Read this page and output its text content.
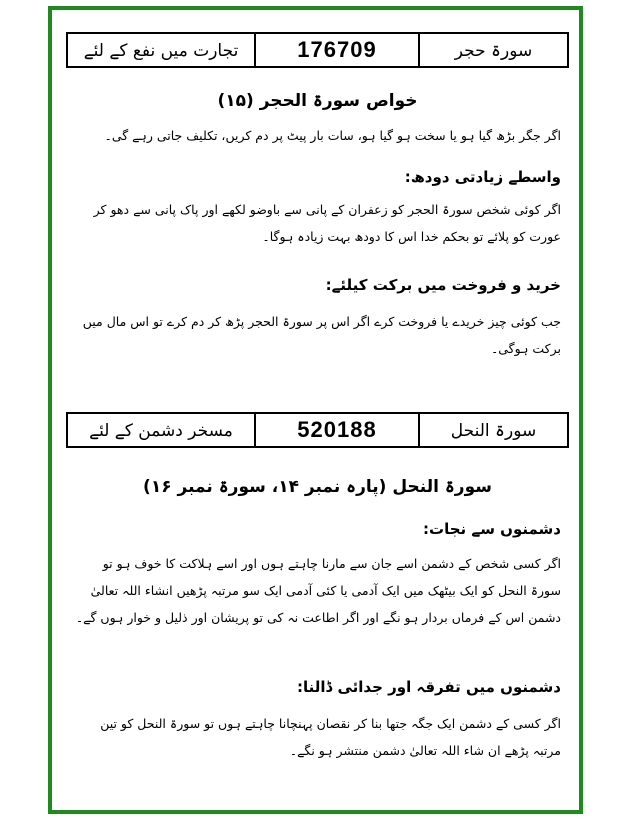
تجارت میں نفع کے لئے	176709	سورۃ حجر
خواص سورۃ الحجر (۱۵)
اگر جگر بڑھ گیا ہو یا سخت ہو گیا ہو، سات بار پیٹ پر دم کریں، تکلیف جاتی رہے گی۔
واسطے زیادتی دودھ:
اگر کوئی شخص سورۃ الحجر کو زعفران کے پانی سے باوضو لکھے اور پاک پانی سے دھو کر عورت کو پلائے تو بحکم خدا اس کا دودھ بہت زیادہ ہوگا۔
خرید و فروخت میں برکت کیلئے:
جب کوئی چیز خریدے یا فروخت کرے اگر اس پر سورۃ الحجر پڑھ کر دم کرے تو اس مال میں برکت ہوگی۔
مسخر دشمن کے لئے	520188	سورۃ النحل
سورۃ النحل (پارہ نمبر ۱۴، سورۃ نمبر ۱۶)
دشمنوں سے نجات:
اگر کسی شخص کے دشمن اسے جان سے مارنا چاہتے ہوں اور اسے ہلاکت کا خوف ہو تو سورۃ النحل کو ایک بیٹھک میں ایک آدمی یا کئی آدمی ایک سو مرتبہ پڑھیں انشاء اللہ تعالیٰ دشمن اس کے فرماں بردار ہو نگے اور اگر اطاعت نہ کی تو پریشان اور ذلیل و خوار ہوں گے۔
دشمنوں میں تفرقہ اور جدائی ڈالنا:
اگر کسی کے دشمن ایک جگہ جتھا بنا کر نقصان پہنچانا چاہتے ہوں تو سورۃ النحل کو تین مرتبہ پڑھے ان شاء اللہ تعالیٰ دشمن منتشر ہو نگے۔
